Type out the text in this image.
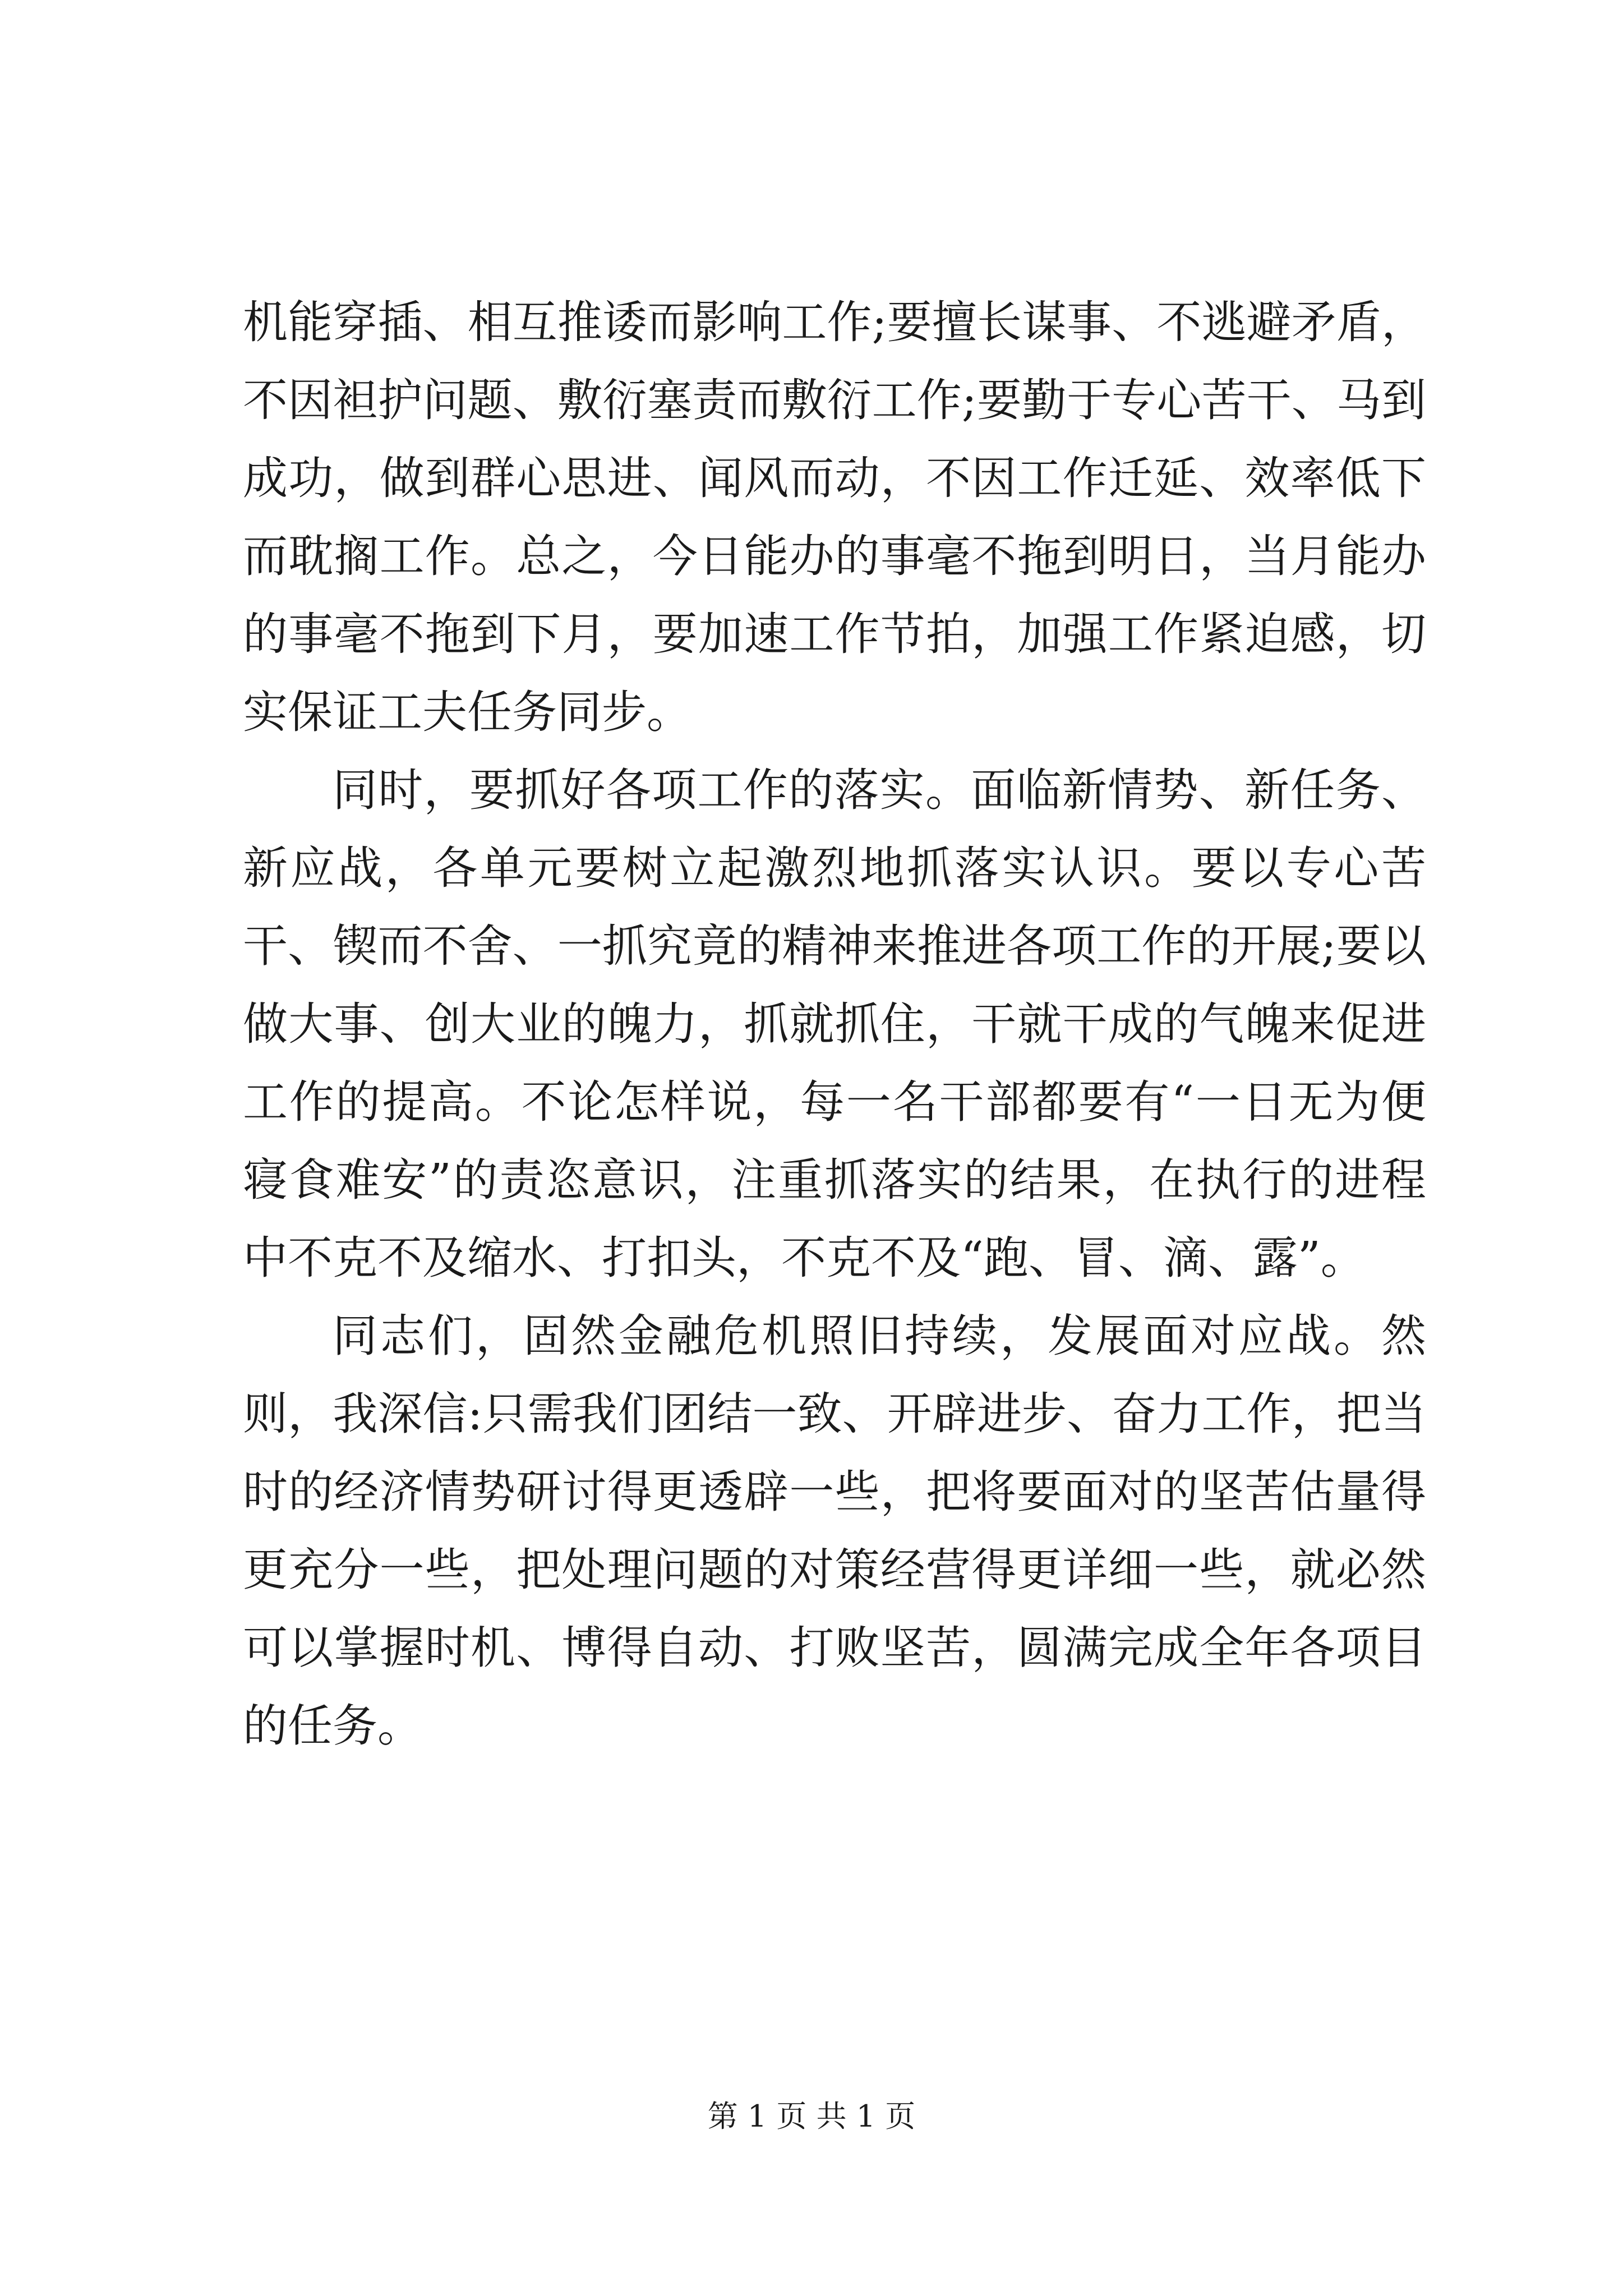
机能穿插、相互推诿而影响工作;要擅长谋事、不逃避矛盾，不因袒护问题、敷衍塞责而敷衍工作;要勤于专心苦干、马到成功，做到群心思进、闻风而动，不因工作迁延、效率低下而耽搁工作。总之，今日能办的事毫不拖到明日，当月能办的事毫不拖到下月，要加速工作节拍，加强工作紧迫感，切实保证工夫任务同步。

同时，要抓好各项工作的落实。面临新情势、新任务、新应战，各单元要树立起激烈地抓落实认识。要以专心苦干、锲而不舍、一抓究竟的精神来推进各项工作的开展;要以做大事、创大业的魄力，抓就抓住，干就干成的气魄来促进工作的提高。不论怎样说，每一名干部都要有“一日无为便寝食难安”的责恣意识，注重抓落实的结果，在执行的进程中不克不及缩水、打扣头，不克不及“跑、冒、滴、露”。

同志们，固然金融危机照旧持续，发展面对应战。然则，我深信:只需我们团结一致、开辟进步、奋力工作，把当时的经济情势研讨得更透辟一些，把将要面对的坚苦估量得更充分一些，把处理问题的对策经营得更详细一些，就必然可以掌握时机、博得自动、打败坚苦，圆满完成全年各项目的任务。

第 1 页 共 1 页
